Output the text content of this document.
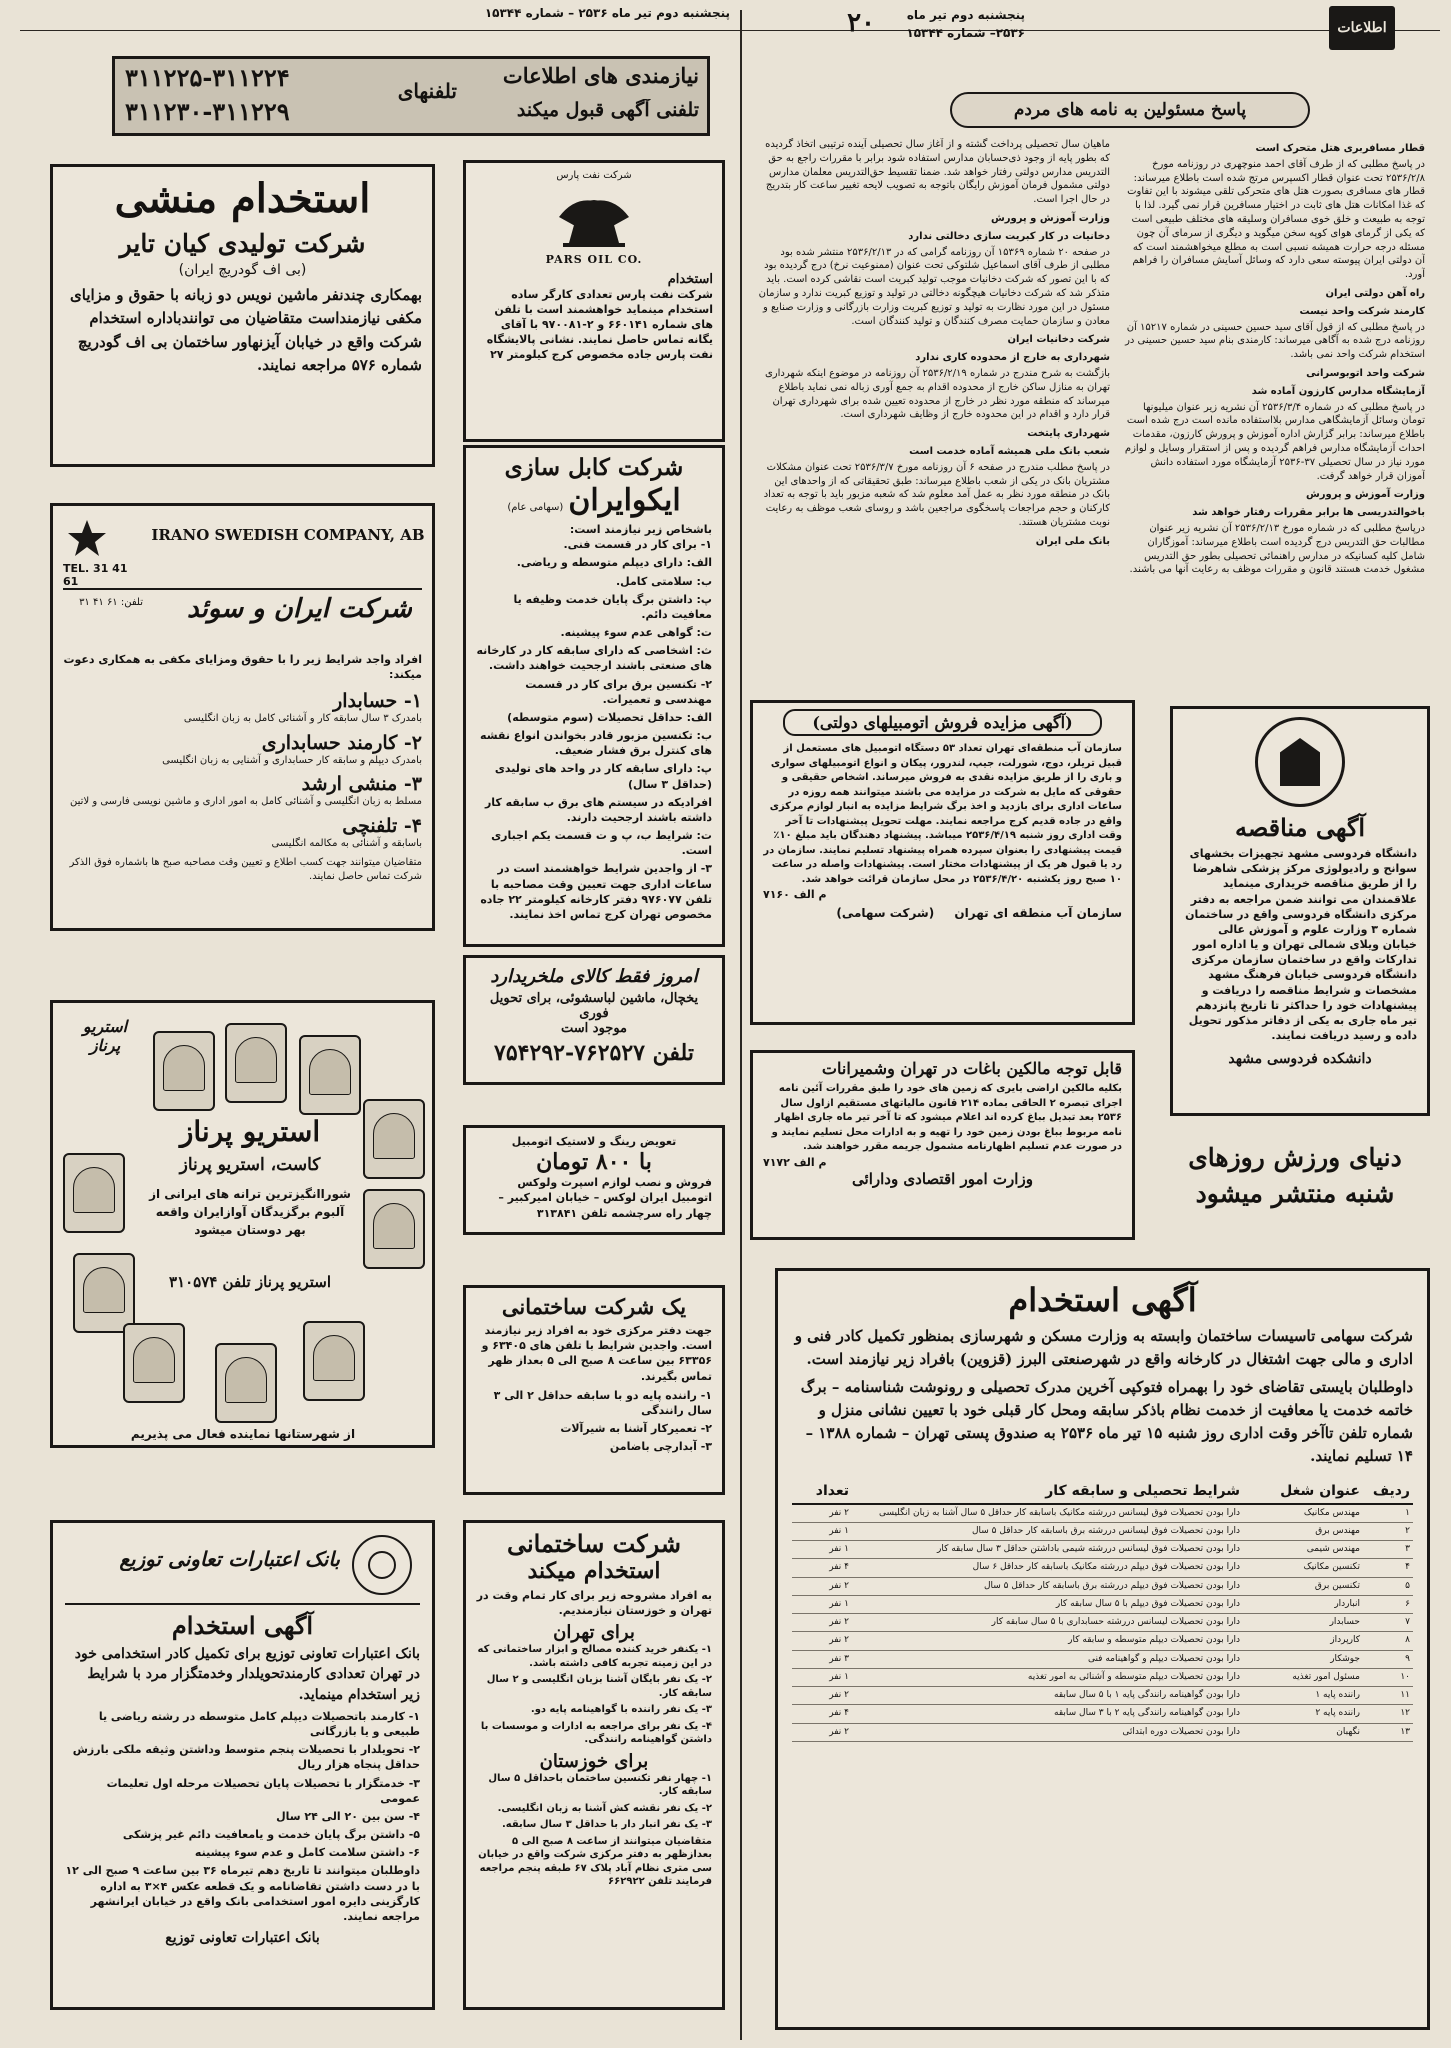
پنجشنبه دوم تیر ماه ۲۵۳۶ – شماره ۱۵۳۴۴
اطلاعات
پنجشنبه دوم تیر ماه
۲۵۳۶– شماره ۱۵۳۴۴
۲۰
نیازمندی های اطلاعات
تلفنی آگهی قبول میکند
تلفنهای
۳۱۱۲۲۵-۳۱۱۲۲۴
۳۱۱۲۳۰-۳۱۱۲۲۹
استخدام منشی
شرکت تولیدی کیان تایر
(بی اف گودریچ ایران)
بهمکاری چندنفر ماشین نویس دو زبانه با حقوق و مزایای مکفی نیازمنداست متقاضیان می توانندباداره استخدام شرکت واقع در خیابان آیزنهاور ساختمان بی اف گودریچ شماره ۵۷۶ مراجعه نمایند.
شرکت نفت پارس
PARS OIL CO.
استخدام
شرکت نفت پارس تعدادی کارگر ساده استخدام مینماید خواهشمند است با تلفن های شماره ۶۶۰۱۴۱ و ۲-۹۷۰۰۸۱ با آقای یگانه تماس حاصل نمایند. نشانی پالایشگاه نفت پارس جاده مخصوص کرج کیلومتر ۲۷
IRANO SWEDISH COMPANY, AB
TEL. 31 41 61
تلفن: ۶۱ ۴۱ ۳۱	شرکت ایران و سوئد
افراد واجد شرایط زیر را با حقوق ومزایای مکفی به همکاری دعوت میکند:
۱- حسابدار
بامدرک ۳ سال سابقه کار و آشنائی کامل به زبان انگلیسی
۲- کارمند حسابداری
بامدرک دیپلم و سابقه کار حسابداری و آشنایی به زبان انگلیسی
۳- منشی ارشد
مسلط به زبان انگلیسی و آشنائی کامل به امور اداری و ماشین نویسی فارسی و لاتین
۴- تلفنچی
باسابقه و آشنائی به مکالمه انگلیسی
متقاضیان میتوانند جهت کسب اطلاع و تعیین وقت مصاحبه صبح ها باشماره فوق الذکر شرکت تماس حاصل نمایند.
شرکت کابل سازی
ایکوایران (سهامی عام)
باشخاص زیر نیازمند است:
۱- برای کار در قسمت فنی.
الف: دارای دیپلم متوسطه و ریاضی.
ب: سلامتی کامل.
پ: داشتن برگ پایان خدمت وظیفه یا معافیت دائم.
ت: گواهی عدم سوء پیشینه.
ث: اشخاصی که دارای سابقه کار در کارخانه های صنعتی باشند ارجحیت خواهند داشت.
۲- تکنسین برق برای کار در قسمت مهندسی و تعمیرات.
الف: حداقل تحصیلات (سوم متوسطه)
ب: تکنسین مزبور قادر بخواندن انواع نقشه های کنترل برق فشار ضعیف.
پ: دارای سابقه کار در واحد های تولیدی (حداقل ۳ سال)
افرادیکه در سیستم های برق ب سابقه کار داشته باشند ارجحیت دارند.
ت: شرایط ب، پ و ت قسمت یکم اجباری است.
۳- از واجدین شرایط خواهشمند است در ساعات اداری جهت تعیین وقت مصاحبه با تلفن ۹۷۶۰۷۷ دفتر کارخانه کیلومتر ۲۲ جاده مخصوص تهران کرج تماس اخذ نمایند.
امروز فقط کالای ملخریدارد
یخچال، ماشین لباسشوئی، برای تحویل فوری
موجود است
تلفن ۷۶۲۵۲۷-۷۵۴۲۹۲
تعویض رینگ و لاستیک اتومبیل
با ۸۰۰ تومان
فروش و نصب لوازم اسپرت ولوکس اتومبیل ایران لوکس – خیابان امیرکبیر – چهار راه سرچشمه تلفن ۳۱۳۸۴۱
استریو پرناز
استریو پرناز
کاست، استریو پرناز
شوراانگیزترین ترانه های ایرانی از آلبوم برگزیدگان آوازایران واقعه بهر دوستان میشود
استریو پرناز تلفن ۳۱۰۵۷۴
از شهرستانها نماینده فعال می پذیریم
یک شرکت ساختمانی
جهت دفتر مرکزی خود به افراد زیر نیازمند است. واجدین شرایط با تلفن های ۶۳۴۰۵ و ۶۳۳۵۶ بین ساعت ۸ صبح الی ۵ بعداز ظهر تماس بگیرند.
۱- راننده پایه دو با سابقه حداقل ۲ الی ۳ سال رانندگی
۲- تعمیرکار آشنا به شیرآلات
۳- آبدارچی باضامن
بانک اعتبارات تعاونی توزیع
آگهی استخدام
بانک اعتبارات تعاونی توزیع برای تکمیل کادر استخدامی خود در تهران تعدادی کارمندتحویلدار وخدمتگزار مرد با شرایط زیر استخدام مینماید.
۱- کارمند باتحصیلات دیپلم کامل متوسطه در رشته ریاضی یا طبیعی و یا بازرگانی
۲- تحویلدار با تحصیلات پنجم متوسط وداشتن وثیقه ملکی بارزش حداقل پنجاه هزار ریال
۳- خدمتگزار با تحصیلات پایان تحصیلات مرحله اول تعلیمات عمومی
۴- سن بین ۲۰ الی ۲۴ سال
۵- داشتن برگ پایان خدمت و یامعافیت دائم غیر پزشکی
۶- داشتن سلامت کامل و عدم سوء پیشینه
داوطلبان میتوانند تا تاریخ دهم تیرماه ۳۶ بین ساعت ۹ صبح الی ۱۲ با در دست داشتن تقاضانامه و یک قطعه عکس ۴×۳ به اداره کارگزینی دایره امور استخدامی بانک واقع در خیابان ایرانشهر مراجعه نمایند.
بانک اعتبارات تعاونی توزیع
شرکت ساختمانی
استخدام میکند
به افراد مشروحه زیر برای کار تمام وقت در تهران و خوزستان نیازمندیم.
برای تهران
۱- یکنفر خرید کننده مصالح و ابزار ساختمانی که در این زمینه تجربه کافی داشته باشد.
۲- یک نفر بایگان آشنا بزبان انگلیسی و ۲ سال سابقه کار.
۳- یک نفر راننده با گواهینامه پایه دو.
۴- یک نفر برای مراجعه به ادارات و موسسات با داشتن گواهینامه رانندگی.
برای خوزستان
۱- چهار نفر تکنسین ساختمان باحداقل ۵ سال سابقه کار.
۲- یک نفر نقشه کش آشنا به زبان انگلیسی.
۳- یک نفر انبار دار با حداقل ۳ سال سابقه.
متقاضیان میتوانند از ساعت ۸ صبح الی ۵ بعدازظهر به دفتر مرکزی شرکت واقع در خیابان سی متری نظام آباد پلاک ۶۷ طبقه پنجم مراجعه فرمایند تلفن ۶۶۲۹۲۲
پاسخ مسئولین به نامه های مردم
قطار مسافربری هتل متحرک است
در پاسخ مطلبی که از طرف آقای احمد منوچهری در روزنامه مورخ ۲۵۳۶/۲/۸ تحت عنوان قطار اکسپرس مرتج شده است باطلاع میرساند: قطار های مسافری بصورت هتل های متحرکی تلقی میشوند با این تفاوت که غذا امکانات هتل های ثابت در اختیار مسافرین قرار نمی گیرد. لذا با توجه به طبیعت و خلق خوی مسافران وسلیقه های مختلف طبیعی است که یکی از گرمای هوای کوپه سخن میگوید و دیگری از سرمای آن چون مسئله درجه حرارت همیشه نسبی است به مطلع میخواهشمند است که آن دولتی ایران پیوسته سعی دارد که وسائل آسایش مسافران را فراهم آورد.
راه آهن دولتی ایران
کارمند شرکت واحد نیست
در پاسخ مطلبی که از قول آقای سید حسین حسینی در شماره ۱۵۲۱۷ آن روزنامه درج شده به آگاهی میرساند: کارمندی بنام سید حسین حسینی در استخدام شرکت واحد نمی باشد.
شرکت واحد اتوبوسرانی
آزمایشگاه مدارس کارزون آماده شد
در پاسخ مطلبی که در شماره ۲۵۳۶/۳/۴ آن نشریه زیر عنوان میلیونها تومان وسائل آزمایشگاهی مدارس بلااستفاده مانده است درج شده است باطلاع میرساند: برابر گزارش اداره آموزش و پرورش کارزون، مقدمات احداث آزمایشگاه مدارس فراهم گردیده و پس از استقرار وسایل و لوازم مورد نیاز در سال تحصیلی ۳۷-۲۵۳۶ آزمایشگاه مورد استفاده دانش آموزان قرار خواهد گرفت.
وزارت آموزش و پرورش
باخوالتدریسی ها برابر مقررات رفتار خواهد شد
درپاسخ مطلبی که در شماره مورخ ۲۵۳۶/۲/۱۳ آن نشریه زیر عنوان مطالبات حق التدریس درج گردیده است باطلاع میرساند: آموزگاران شامل کلیه کسانیکه در مدارس راهنمائی تحصیلی بطور حق التدریس مشغول خدمت هستند قانون و مقررات موظف به رعایت آنها می باشند.
ماهیان سال تحصیلی پرداخت گشته و از آغاز سال تحصیلی آینده ترتیبی اتخاذ گردیده که بطور پایه از وجود ذی‌حسابان مدارس استفاده شود برابر با مقررات راجع به حق التدریس مدارس دولتی رفتار خواهد شد. ضمنا تقسیط حق‌التدریس معلمان مدارس دولتی مشمول فرمان آموزش رایگان باتوجه به تصویب لایحه تغییر ساعت کار بتدریج در حال اجرا است.
وزارت آموزش و پرورش
دخانیات در کار کبریت سازی دخالتی ندارد
در صفحه ۲۰ شماره ۱۵۳۶۹ آن روزنامه گرامی که در ۲۵۳۶/۲/۱۳ منتشر شده بود مطلبی از طرف آقای اسماعیل شلتوکی تحت عنوان (ممنوعیت نرخ) درج گردیده بود که با این تصور که شرکت دخانیات موجب تولید کبریت است نقاشی کرده است. باید متذکر شد که شرکت دخانیات هیچگونه دخالتی در تولید و توزیع کبریت ندارد و سازمان مسئول در این مورد نظارت به تولید و توزیع کبریت وزارت بازرگانی و وزارت صنایع و معادن و سازمان حمایت مصرف کنندگان و تولید کنندگان است.
شرکت دخانیات ایران
شهرداری به خارج از محدوده کاری ندارد
بازگشت به شرح مندرج در شماره ۲۵۳۶/۲/۱۹ آن روزنامه در موضوع اینکه شهرداری تهران به منازل ساکن خارج از محدوده اقدام به جمع آوری زباله نمی نماید باطلاع میرساند که منطقه مورد نظر در خارج از محدوده تعیین شده برای شهرداری تهران قرار دارد و اقدام در این محدوده خارج از وظایف شهرداری است.
شهرداری پایتخت
شعب بانک ملی همیشه آماده خدمت است
در پاسخ مطلب مندرج در صفحه ۶ آن روزنامه مورخ ۲۵۳۶/۳/۷ تحت عنوان مشکلات مشتریان بانک در یکی از شعب باطلاع میرساند: طبق تحقیقاتی که از واحدهای این بانک در منطقه مورد نظر به عمل آمد معلوم شد که شعبه مزبور باید با توجه به تعداد کارکنان و حجم مراجعات پاسخگوی مراجعین باشد و روسای شعب موظف به رعایت نوبت مشتریان هستند.
بانک ملی ایران
(آگهی مزایده فروش اتومبیلهای دولتی)
سازمان آب منطقه‌ای تهران تعداد ۵۳ دستگاه اتومبیل های مستعمل از قبیل تریلر، دوج، شورلت، جیپ، لندرور، پیکان و انواع اتومبیلهای سواری و باری را از طریق مزایده نقدی به فروش میرساند. اشخاص حقیقی و حقوقی که مایل به شرکت در مزایده می باشند میتوانند همه روزه در ساعات اداری برای بازدید و اخذ برگ شرایط مزایده به انبار لوازم مرکزی واقع در جاده قدیم کرج مراجعه نمایند. مهلت تحویل پیشنهادات تا آخر وقت اداری روز شنبه ۲۵۳۶/۴/۱۹ میباشد. پیشنهاد دهندگان باید مبلغ ۱۰٪ قیمت پیشنهادی را بعنوان سپرده همراه پیشنهاد تسلیم نمایند. سازمان در رد یا قبول هر یک از پیشنهادات مختار است. پیشنهادات واصله در ساعت ۱۰ صبح روز یکشنبه ۲۵۳۶/۴/۲۰ در محل سازمان قرائت خواهد شد.
م الف ۷۱۶۰
سازمان آب منطقه ای تهران (شرکت سهامی)
آگهی مناقصه
دانشگاه فردوسی مشهد تجهیزات بخشهای سوانح و رادیولوژی مرکز پزشکی شاهرضا را از طریق مناقصه خریداری مینماید علاقمندان می توانند ضمن مراجعه به دفتر مرکزی دانشگاه فردوسی واقع در ساختمان شماره ۳ وزارت علوم و آموزش عالی خیابان ویلای شمالی تهران و یا اداره امور تدارکات واقع در ساختمان سازمان مرکزی دانشگاه فردوسی خیابان فرهنگ مشهد مشخصات و شرایط مناقصه را دریافت و پیشنهادات خود را حداکثر تا تاریخ پانزدهم تیر ماه جاری به یکی از دفاتر مذکور تحویل داده و رسید دریافت نمایند.
دانشکده فردوسی مشهد
قابل توجه مالکین باغات در تهران وشمیرانات
بکلیه مالکین اراضی بایری که زمین های خود را طبق مقررات آئین نامه اجرای تبصره ۲ الحاقی بماده ۲۱۴ قانون مالیاتهای مستقیم ازاول سال ۲۵۳۶ بعد تبدیل بباغ کرده اند اعلام میشود که تا آخر تیر ماه جاری اظهار نامه مربوط بباغ بودن زمین خود را تهیه و به ادارات محل تسلیم نمایند و در صورت عدم تسلیم اظهارنامه مشمول جریمه مقرر خواهند شد.
م الف ۷۱۷۲
وزارت امور اقتصادی ودارائی
دنیای ورزش روزهای شنبه منتشر میشود
آگهی استخدام
شرکت سهامی تاسیسات ساختمان وابسته به وزارت مسکن و شهرسازی بمنظور تکمیل کادر فنی و اداری و مالی جهت اشتغال در کارخانه واقع در شهرصنعتی البرز (قزوین) بافراد زیر نیازمند است.
داوطلبان بایستی تقاضای خود را بهمراه فتوکپی آخرین مدرک تحصیلی و رونوشت شناسنامه – برگ خاتمه خدمت یا معافیت از خدمت نظام باذکر سابقه ومحل کار قبلی خود با تعیین نشانی منزل و شماره تلفن تاآخر وقت اداری روز شنبه ۱۵ تیر ماه ۲۵۳۶ به صندوق پستی تهران – شماره ۱۳۸۸ – ۱۴ تسلیم نمایند.
ردیف	عنوان شغل	شرایط تحصیلی و سابقه کار	تعداد
۱	مهندس مکانیک	دارا بودن تحصیلات فوق لیسانس دررشته مکانیک باسابقه کار حداقل ۵ سال آشنا به زبان انگلیسی	۲ نفر
۲	مهندس برق	دارا بودن تحصیلات فوق لیسانس دررشته برق باسابقه کار حداقل ۵ سال	۱ نفر
۳	مهندس شیمی	دارا بودن تحصیلات فوق لیسانس دررشته شیمی باداشتن حداقل ۳ سال سابقه کار	۱ نفر
۴	تکنسین مکانیک	دارا بودن تحصیلات فوق دیپلم دررشته مکانیک باسابقه کار حداقل ۶ سال	۴ نفر
۵	تکنسین برق	دارا بودن تحصیلات فوق دیپلم دررشته برق باسابقه کار حداقل ۵ سال	۲ نفر
۶	انباردار	دارا بودن تحصیلات فوق دیپلم با ۵ سال سابقه کار	۱ نفر
۷	حسابدار	دارا بودن تحصیلات لیسانس دررشته حسابداری با ۵ سال سابقه کار	۲ نفر
۸	کارپرداز	دارا بودن تحصیلات دیپلم متوسطه و سابقه کار	۲ نفر
۹	جوشکار	دارا بودن تحصیلات دیپلم و گواهینامه فنی	۳ نفر
۱۰	مسئول امور تغذیه	دارا بودن تحصیلات دیپلم متوسطه و آشنائی به امور تغذیه	۱ نفر
۱۱	راننده پایه ۱	دارا بودن گواهینامه رانندگی پایه ۱ با ۵ سال سابقه	۲ نفر
۱۲	راننده پایه ۲	دارا بودن گواهینامه رانندگی پایه ۲ با ۳ سال سابقه	۴ نفر
۱۳	نگهبان	دارا بودن تحصیلات دوره ابتدائی	۲ نفر
